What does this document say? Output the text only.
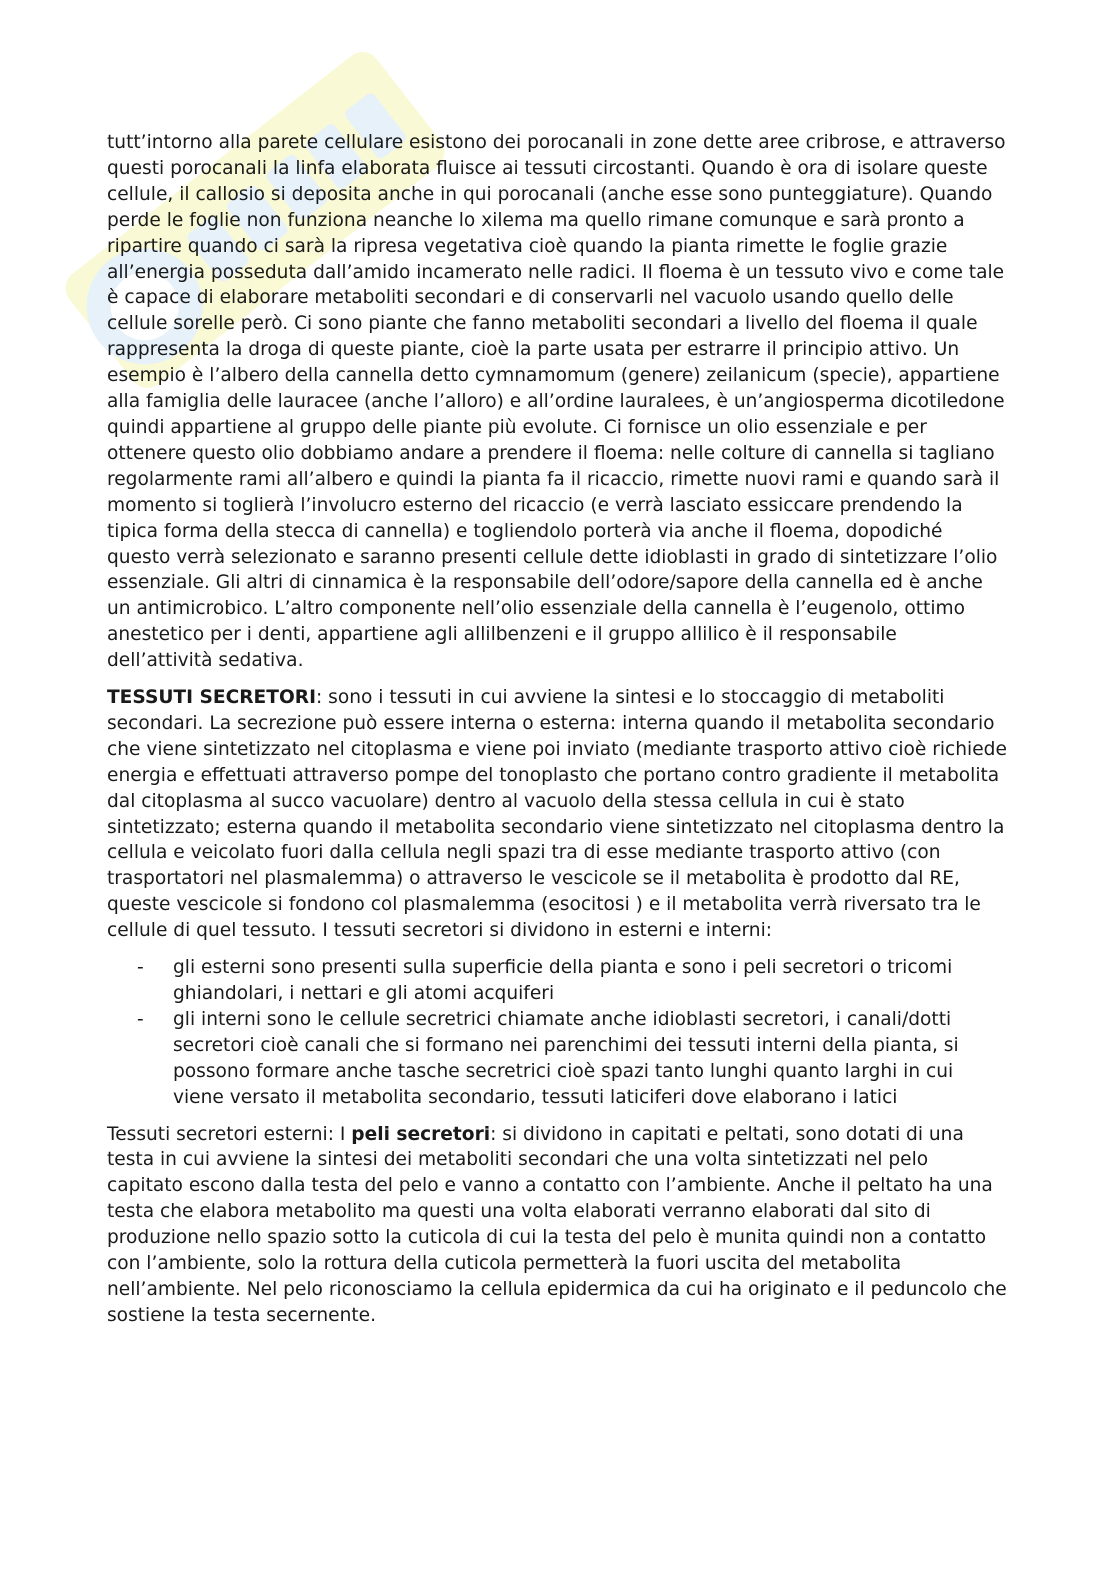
tutt’intorno alla parete cellulare esistono dei porocanali in zone dette aree cribrose, e attraverso questi porocanali la linfa elaborata fluisce ai tessuti circostanti. Quando è ora di isolare queste cellule, il callosio si deposita anche in qui porocanali (anche esse sono punteggiature). Quando perde le foglie non funziona neanche lo xilema ma quello rimane comunque e sarà pronto a ripartire quando ci sarà la ripresa vegetativa cioè quando la pianta rimette le foglie grazie all’energia posseduta dall’amido incamerato nelle radici. Il floema è un tessuto vivo e come tale è capace di elaborare metaboliti secondari e di conservarli nel vacuolo usando quello delle cellule sorelle però. Ci sono piante che fanno metaboliti secondari a livello del floema il quale rappresenta la droga di queste piante, cioè la parte usata per estrarre il principio attivo. Un esempio è l’albero della cannella detto cymnamomum (genere) zeilanicum (specie), appartiene alla famiglia delle lauracee (anche l’alloro) e all’ordine lauralees, è un’angiosperma dicotiledone quindi appartiene al gruppo delle piante più evolute. Ci fornisce un olio essenziale e per ottenere questo olio dobbiamo andare a prendere il floema: nelle colture di cannella si tagliano regolarmente rami all’albero e quindi la pianta fa il ricaccio, rimette nuovi rami e quando sarà il momento si toglierà l’involucro esterno del ricaccio (e verrà lasciato essiccare prendendo la tipica forma della stecca di cannella) e togliendolo porterà via anche il floema, dopodiché questo verrà selezionato e saranno presenti cellule dette idioblasti in grado di sintetizzare l’olio essenziale. Gli altri di cinnamica è la responsabile dell’odore/sapore della cannella ed è anche un antimicrobico. L’altro componente nell’olio essenziale della cannella è l’eugenolo, ottimo anestetico per i denti, appartiene agli allilbenzeni e il gruppo allilico è il responsabile dell’attività sedativa.

TESSUTI SECRETORI: sono i tessuti in cui avviene la sintesi e lo stoccaggio di metaboliti secondari. La secrezione può essere interna o esterna: interna quando il metabolita secondario che viene sintetizzato nel citoplasma e viene poi inviato (mediante trasporto attivo cioè richiede energia e effettuati attraverso pompe del tonoplasto che portano contro gradiente il metabolita dal citoplasma al succo vacuolare) dentro al vacuolo della stessa cellula in cui è stato sintetizzato; esterna quando il metabolita secondario viene sintetizzato nel citoplasma dentro la cellula e veicolato fuori dalla cellula negli spazi tra di esse mediante trasporto attivo (con trasportatori nel plasmalemma) o attraverso le vescicole se il metabolita è prodotto dal RE, queste vescicole si fondono col plasmalemma (esocitosi ) e il metabolita verrà riversato tra le cellule di quel tessuto. I tessuti secretori si dividono in esterni e interni:

- gli esterni sono presenti sulla superficie della pianta e sono i peli secretori o tricomi ghiandolari, i nettari e gli atomi acquiferi
- gli interni sono le cellule secretrici chiamate anche idioblasti secretori, i canali/dotti secretori cioè canali che si formano nei parenchimi dei tessuti interni della pianta, si possono formare anche tasche secretrici cioè spazi tanto lunghi quanto larghi in cui viene versato il metabolita secondario, tessuti laticiferi dove elaborano i latici

Tessuti secretori esterni: I peli secretori: si dividono in capitati e peltati, sono dotati di una testa in cui avviene la sintesi dei metaboliti secondari che una volta sintetizzati nel pelo capitato escono dalla testa del pelo e vanno a contatto con l’ambiente. Anche il peltato ha una testa che elabora metabolito ma questi una volta elaborati verranno elaborati dal sito di produzione nello spazio sotto la cuticola di cui la testa del pelo è munita quindi non a contatto con l’ambiente, solo la rottura della cuticola permetterà la fuori uscita del metabolita nell’ambiente. Nel pelo riconosciamo la cellula epidermica da cui ha originato e il peduncolo che sostiene la testa secernente.
